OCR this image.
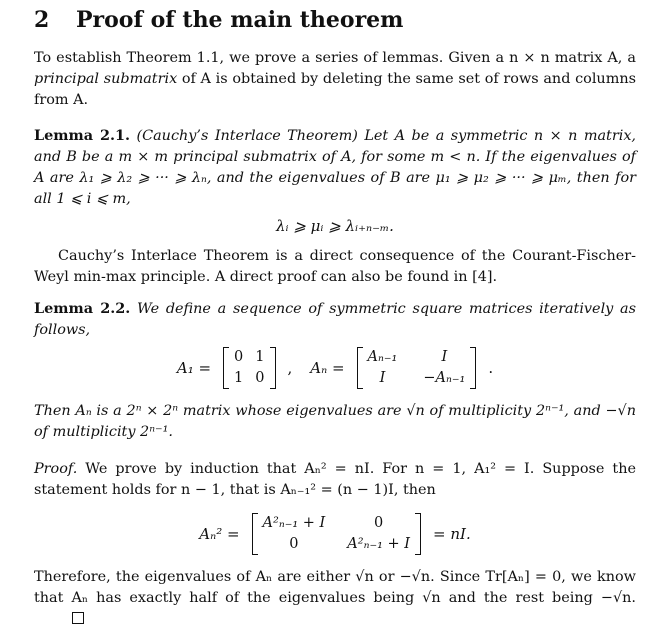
2 Proof of the main theorem

To establish Theorem 1.1, we prove a series of lemmas. Given a n × n matrix A, a principal submatrix of A is obtained by deleting the same set of rows and columns from A.

Lemma 2.1. (Cauchy’s Interlace Theorem) Let A be a symmetric n × n matrix, and B be a m × m principal submatrix of A, for some m < n. If the eigenvalues of A are λ₁ ⩾ λ₂ ⩾ ··· ⩾ λₙ, and the eigenvalues of B are μ₁ ⩾ μ₂ ⩾ ··· ⩾ μₘ, then for all 1 ⩽ i ⩽ m,

λᵢ ⩾ μᵢ ⩾ λᵢ₊ₙ₋ₘ.

Cauchy’s Interlace Theorem is a direct consequence of the Courant-Fischer-Weyl min-max principle. A direct proof can also be found in [4].

Lemma 2.2. We define a sequence of symmetric square matrices iteratively as follows,

A₁ =
0 1
1 0
, Aₙ =
Aₙ₋₁	I
I	−Aₙ₋₁
.

Then Aₙ is a 2ⁿ × 2ⁿ matrix whose eigenvalues are √n of multiplicity 2ⁿ⁻¹, and −√n of multiplicity 2ⁿ⁻¹.

Proof. We prove by induction that Aₙ² = nI. For n = 1, A₁² = I. Suppose the statement holds for n − 1, that is Aₙ₋₁² = (n − 1)I, then

Aₙ² =
A²ₙ₋₁ + I	0
0	A²ₙ₋₁ + I
= nI.

Therefore, the eigenvalues of Aₙ are either √n or −√n. Since Tr[Aₙ] = 0, we know that Aₙ has exactly half of the eigenvalues being √n and the rest being −√n.
